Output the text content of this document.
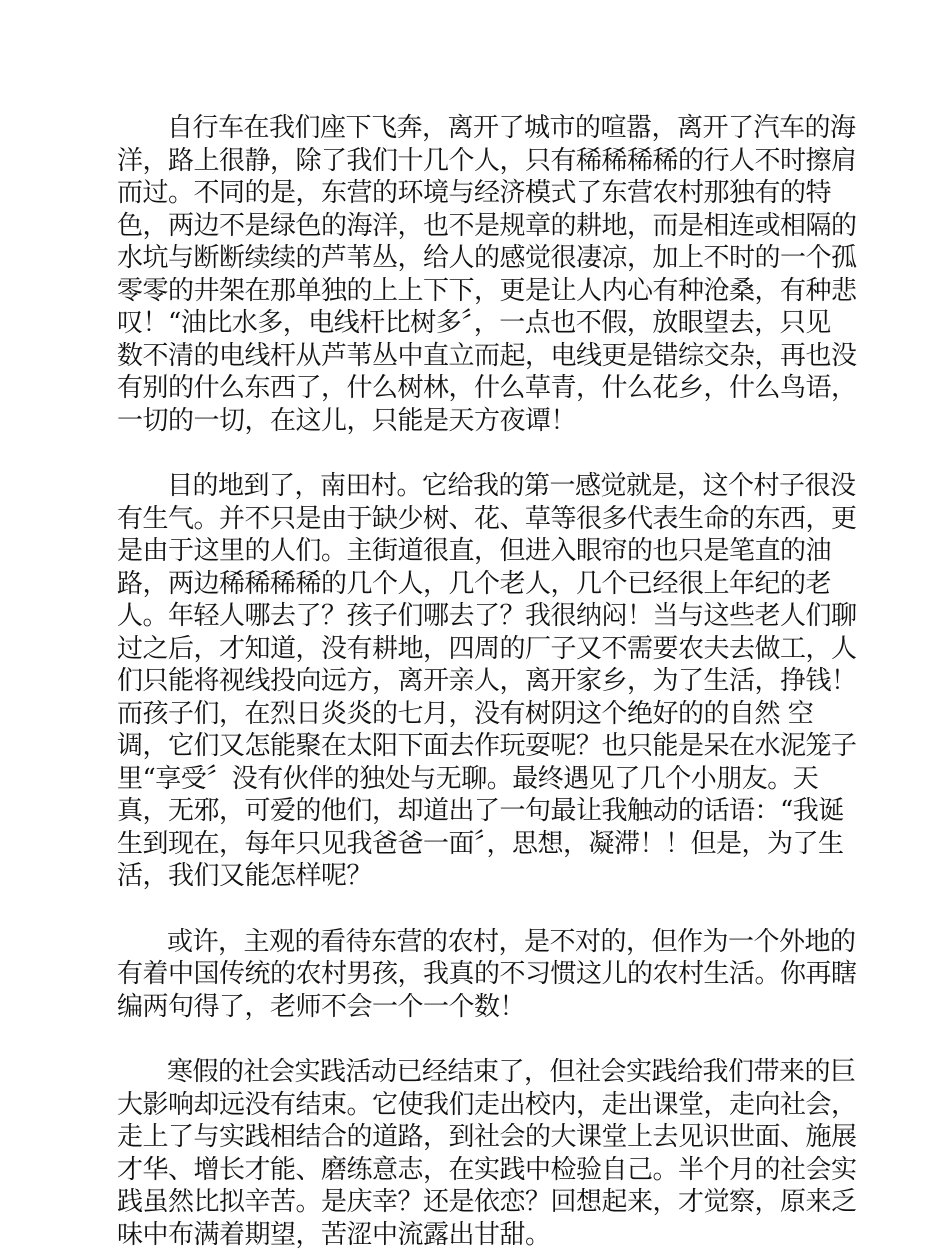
自行车在我们座下飞奔，离开了城市的喧嚣，离开了汽车的海
洋，路上很静，除了我们十几个人，只有稀稀稀稀的行人不时擦肩
而过。不同的是，东营的环境与经济模式了东营农村那独有的特
色，两边不是绿色的海洋，也不是规章的耕地，而是相连或相隔的
水坑与断断续续的芦苇丛，给人的感觉很凄凉，加上不时的一个孤
零零的井架在那单独的上上下下，更是让人内心有种沧桑，有种悲
叹！“油比水多，电线杆比树多〞，一点也不假，放眼望去，只见
数不清的电线杆从芦苇丛中直立而起，电线更是错综交杂，再也没
有别的什么东西了，什么树林，什么草青，什么花乡，什么鸟语，
一切的一切，在这儿，只能是天方夜谭！
目的地到了，南田村。它给我的第一感觉就是，这个村子很没
有生气。并不只是由于缺少树、花、草等很多代表生命的东西，更
是由于这里的人们。主街道很直，但进入眼帘的也只是笔直的油
路，两边稀稀稀稀的几个人，几个老人，几个已经很上年纪的老
人。年轻人哪去了？孩子们哪去了？我很纳闷！当与这些老人们聊
过之后，才知道，没有耕地，四周的厂子又不需要农夫去做工，人
们只能将视线投向远方，离开亲人，离开家乡，为了生活，挣钱！
而孩子们，在烈日炎炎的七月，没有树阴这个绝好的的自然 空
调，它们又怎能聚在太阳下面去作玩耍呢？也只能是呆在水泥笼子
里“享受〞没有伙伴的独处与无聊。最终遇见了几个小朋友。天
真，无邪，可爱的他们，却道出了一句最让我触动的话语：“我诞
生到现在，每年只见我爸爸一面〞，思想，凝滞！！但是，为了生
活，我们又能怎样呢？
或许，主观的看待东营的农村，是不对的，但作为一个外地的
有着中国传统的农村男孩，我真的不习惯这儿的农村生活。你再瞎
编两句得了，老师不会一个一个数！
寒假的社会实践活动已经结束了，但社会实践给我们带来的巨
大影响却远没有结束。它使我们走出校内，走出课堂，走向社会，
走上了与实践相结合的道路，到社会的大课堂上去见识世面、施展
才华、增长才能、磨练意志，在实践中检验自己。半个月的社会实
践虽然比拟辛苦。是庆幸？还是依恋？回想起来，才觉察，原来乏
味中布满着期望，苦涩中流露出甘甜。
